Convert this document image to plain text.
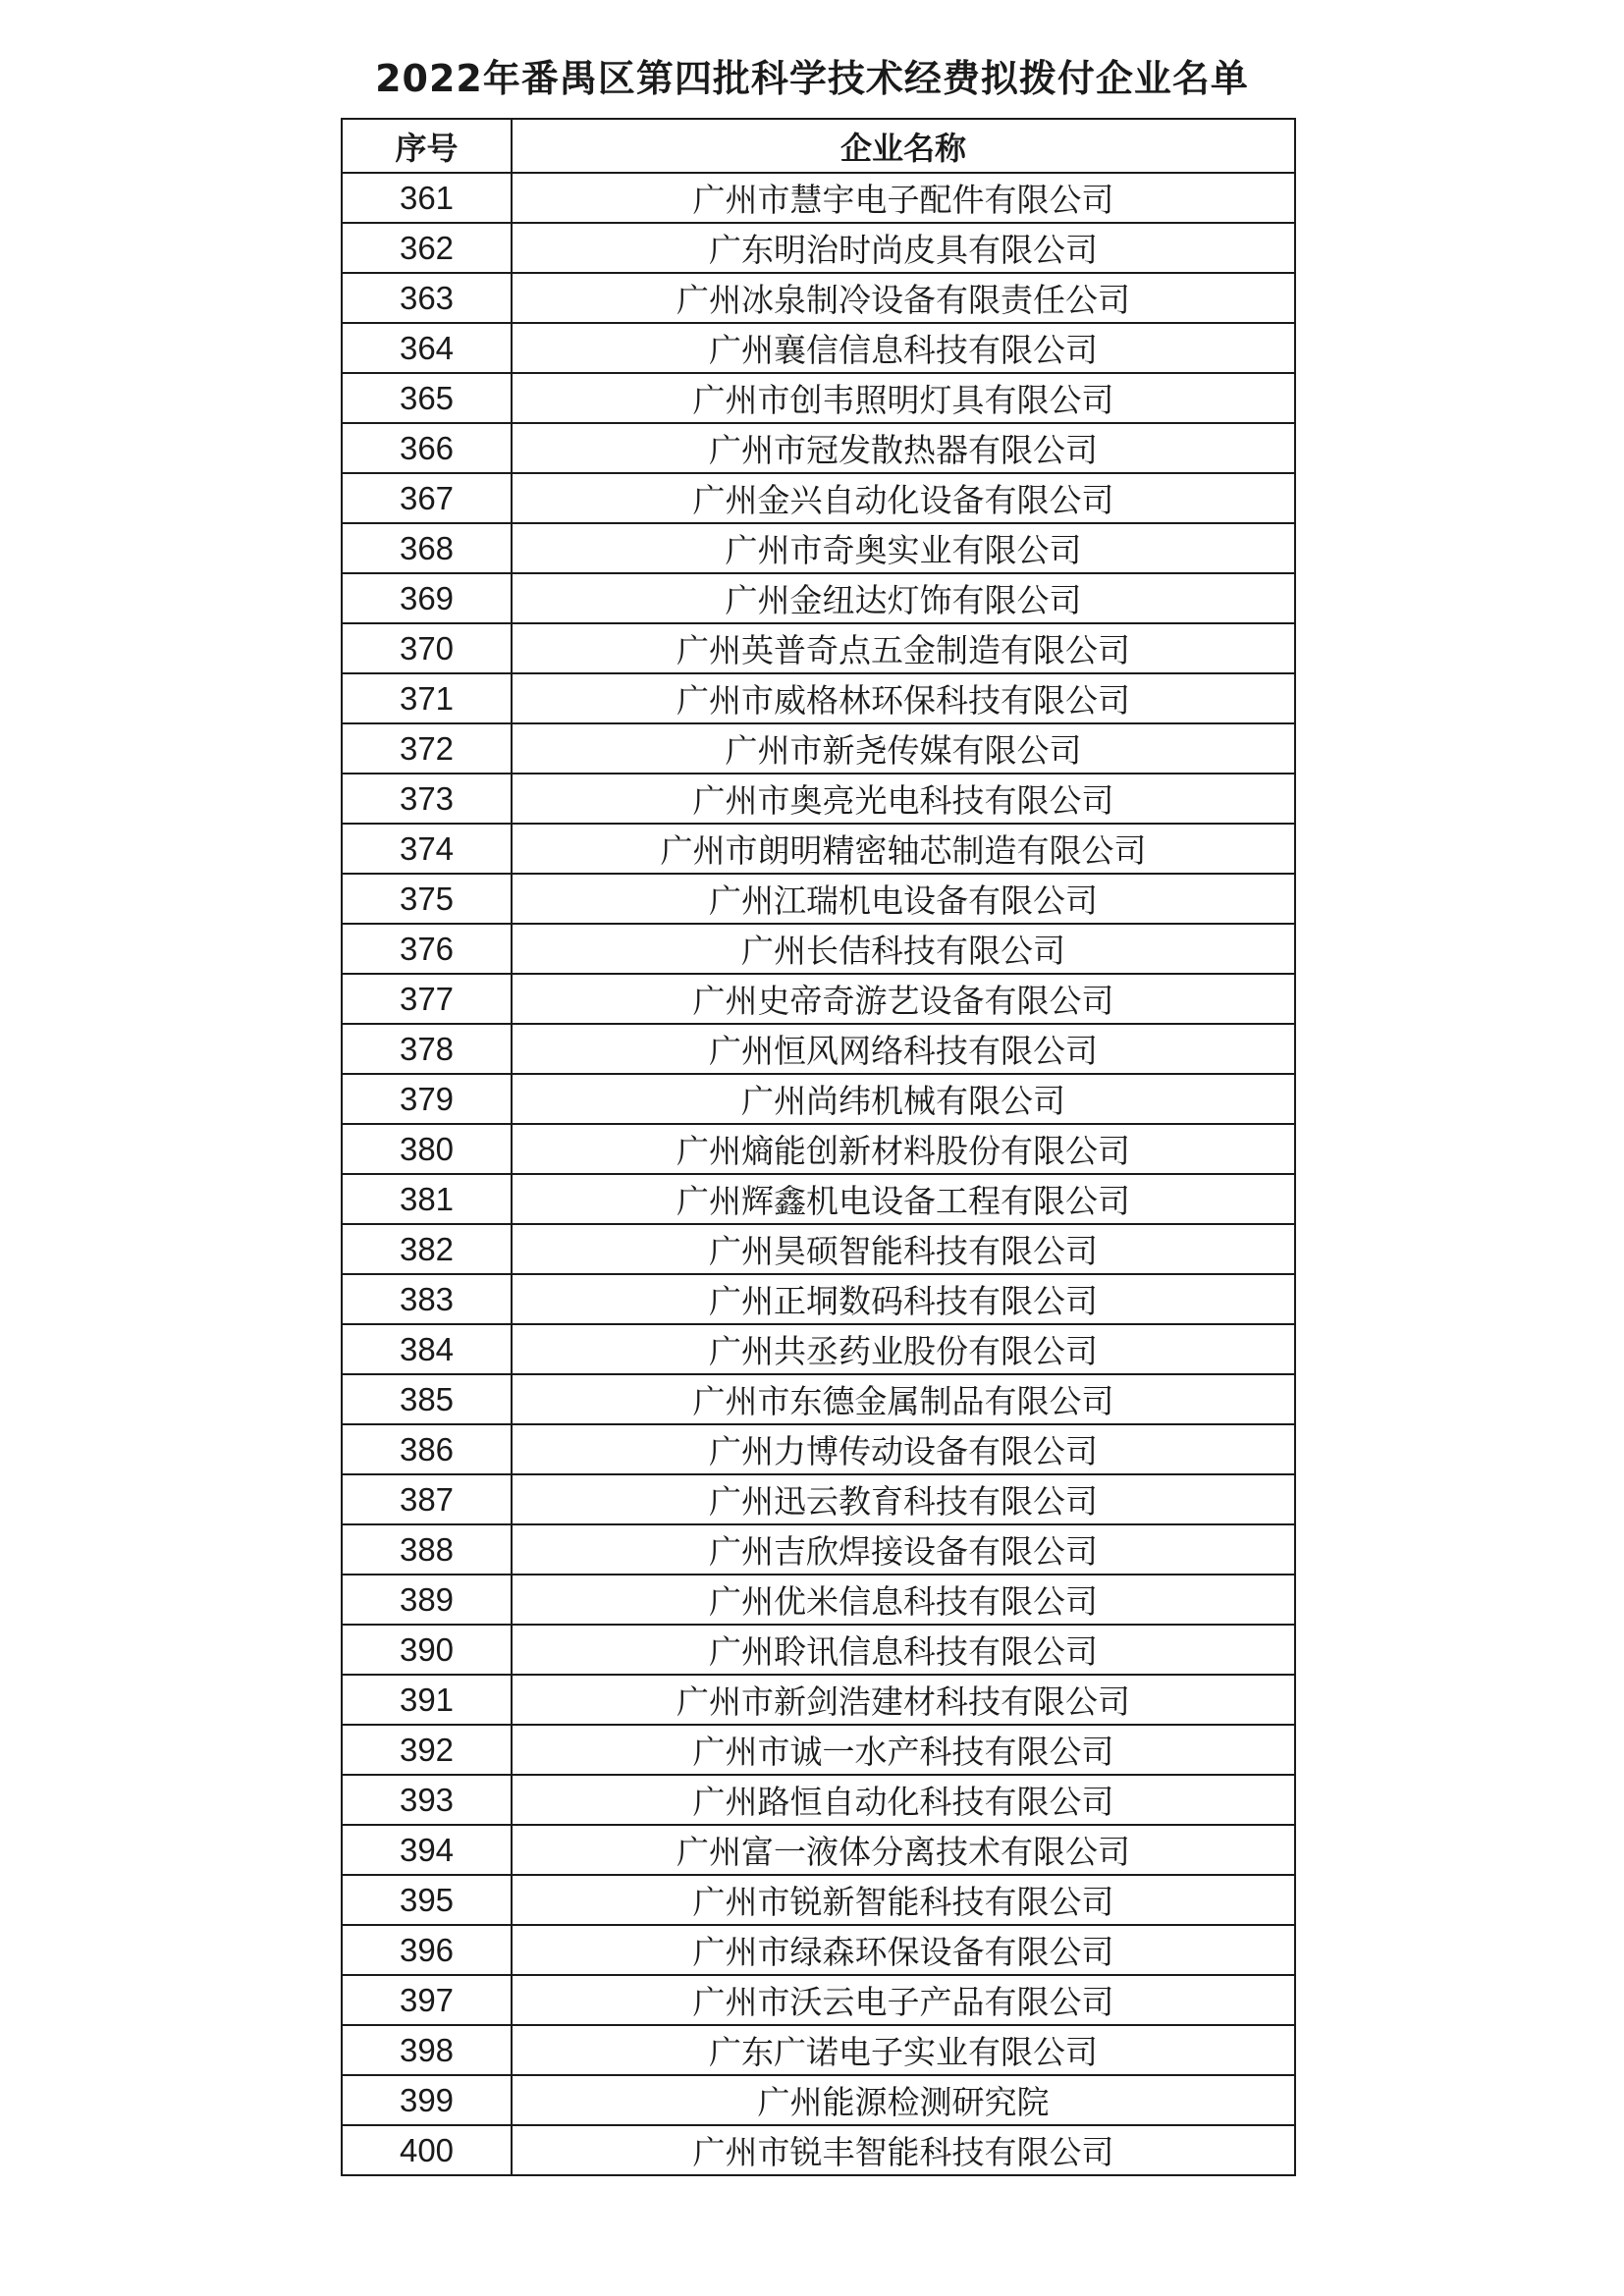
2022年番禺区第四批科学技术经费拟拨付企业名单
序号	企业名称
361	广州市慧宇电子配件有限公司
362	广东明治时尚皮具有限公司
363	广州冰泉制冷设备有限责任公司
364	广州襄信信息科技有限公司
365	广州市创韦照明灯具有限公司
366	广州市冠发散热器有限公司
367	广州金兴自动化设备有限公司
368	广州市奇奥实业有限公司
369	广州金纽达灯饰有限公司
370	广州英普奇点五金制造有限公司
371	广州市威格林环保科技有限公司
372	广州市新尧传媒有限公司
373	广州市奥亮光电科技有限公司
374	广州市朗明精密轴芯制造有限公司
375	广州江瑞机电设备有限公司
376	广州长佶科技有限公司
377	广州史帝奇游艺设备有限公司
378	广州恒风网络科技有限公司
379	广州尚纬机械有限公司
380	广州熵能创新材料股份有限公司
381	广州辉鑫机电设备工程有限公司
382	广州昊硕智能科技有限公司
383	广州正垌数码科技有限公司
384	广州共丞药业股份有限公司
385	广州市东德金属制品有限公司
386	广州力博传动设备有限公司
387	广州迅云教育科技有限公司
388	广州吉欣焊接设备有限公司
389	广州优米信息科技有限公司
390	广州聆讯信息科技有限公司
391	广州市新剑浩建材科技有限公司
392	广州市诚一水产科技有限公司
393	广州路恒自动化科技有限公司
394	广州富一液体分离技术有限公司
395	广州市锐新智能科技有限公司
396	广州市绿森环保设备有限公司
397	广州市沃云电子产品有限公司
398	广东广诺电子实业有限公司
399	广州能源检测研究院
400	广州市锐丰智能科技有限公司
